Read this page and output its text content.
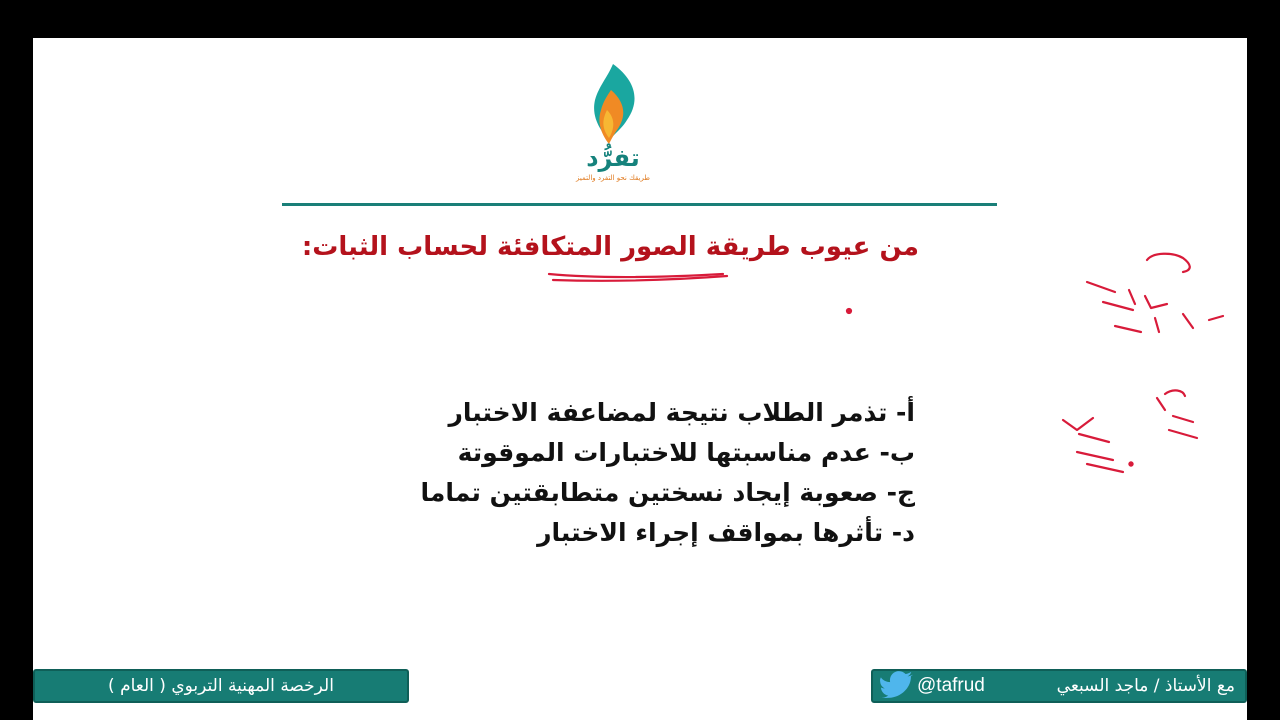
تفرُّد
طريقك نحو التفرد والتميز
من عيوب طريقة الصور المتكافئة لحساب الثبات:
أ- تذمر الطلاب نتيجة لمضاعفة الاختبار
ب- عدم مناسبتها للاختبارات الموقوتة
ج- صعوبة إيجاد نسختين متطابقتين تماما
د- تأثرها بمواقف إجراء الاختبار
الرخصة المهنية التربوي ( العام )	@tafrud	مع الأستاذ / ماجد السبعي
